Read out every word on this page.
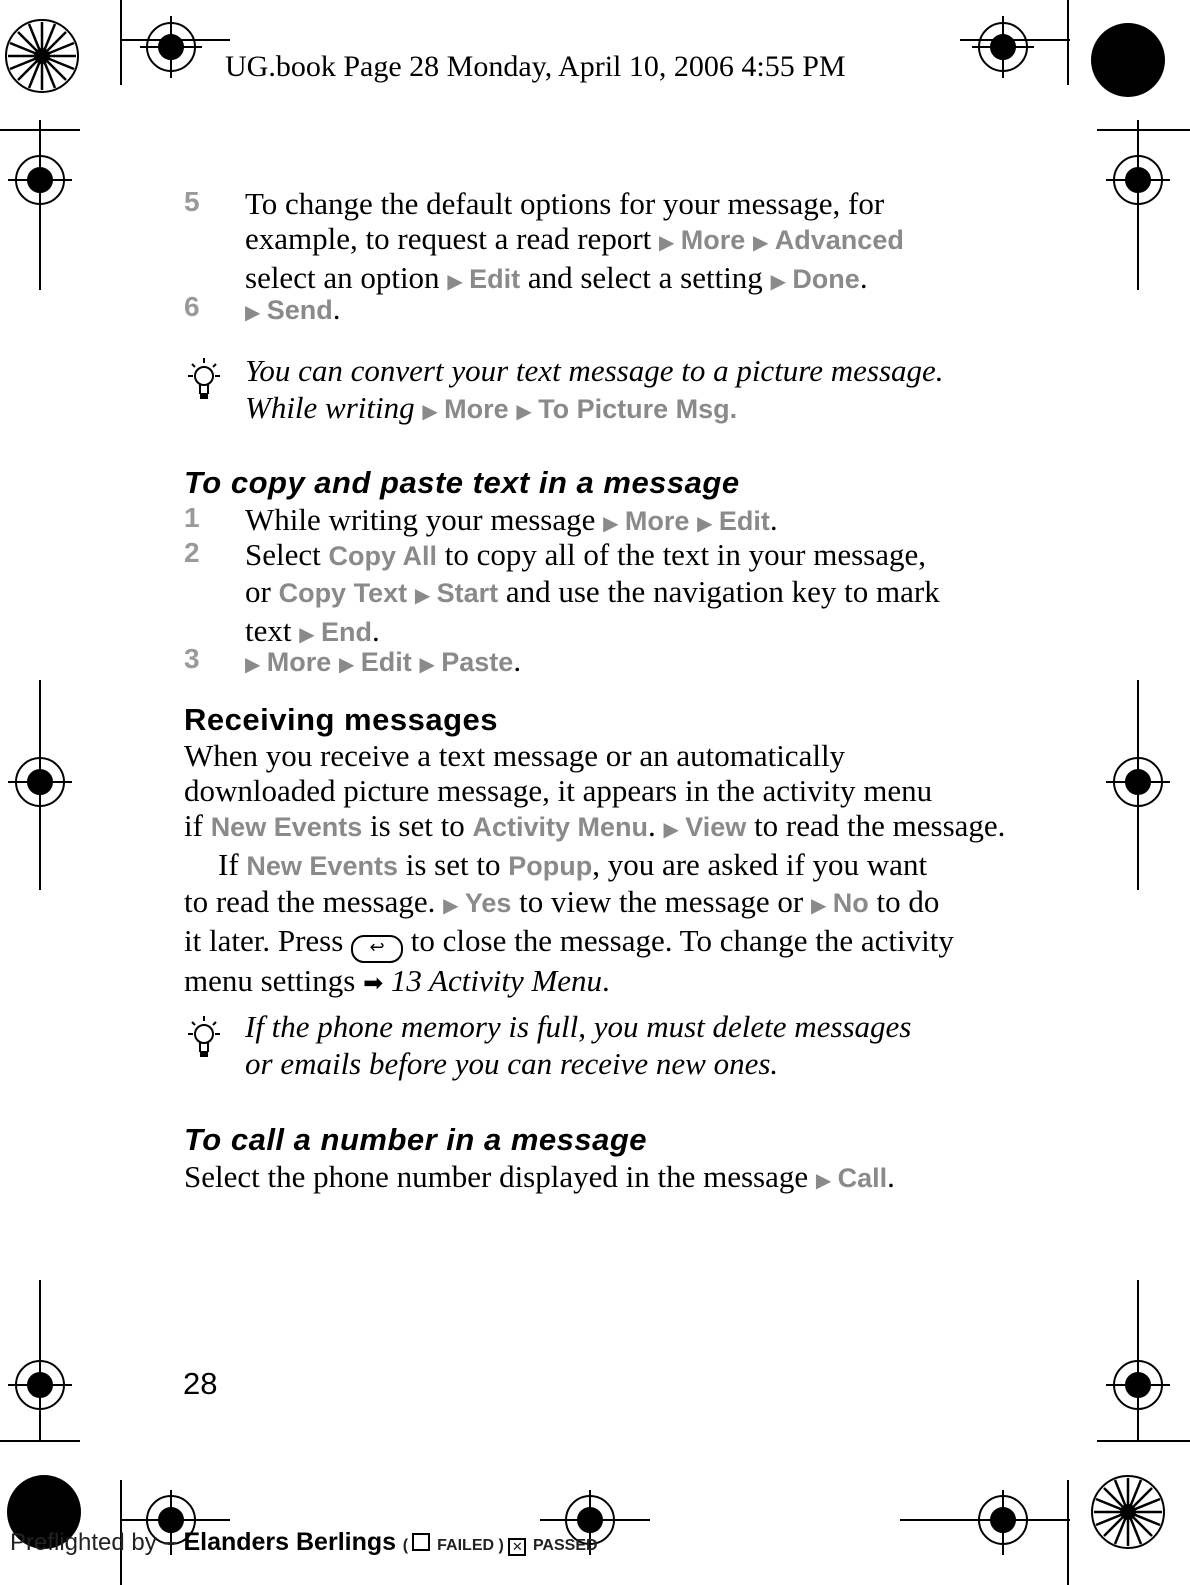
UG.book Page 28 Monday, April 10, 2006 4:55 PM
5 To change the default options for your message, for
example, to request a read report ▶ More ▶ Advanced
select an option ▶ Edit and select a setting ▶ Done.
6 ▶ Send.
You can convert your text message to a picture message.
While writing ▶ More ▶ To Picture Msg.
To copy and paste text in a message
1 While writing your message ▶ More ▶ Edit.
2 Select Copy All to copy all of the text in your message,
or Copy Text ▶ Start and use the navigation key to mark
text ▶ End.
3 ▶ More ▶ Edit ▶ Paste.
Receiving messages
When you receive a text message or an automatically
downloaded picture message, it appears in the activity menu
if New Events is set to Activity Menu. ▶ View to read the message.
If New Events is set to Popup, you are asked if you want
to read the message. ▶ Yes to view the message or ▶ No to do
it later. Press ↩ to close the message. To change the activity
menu settings ➡ 13 Activity Menu.
If the phone memory is full, you must delete messages
or emails before you can receive new ones.
To call a number in a message
Select the phone number displayed in the message ▶ Call.
28
Preflighted by – Elanders Berlings (  FAILED ) ✕ PASSED
